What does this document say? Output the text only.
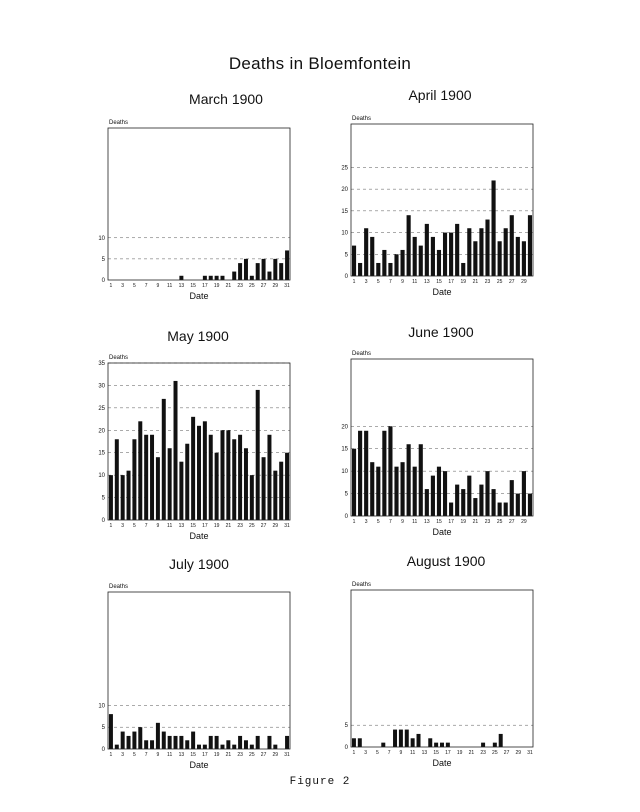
Deaths in Bloemfontein
March 1900
Deaths
0
5
10
1 3 5 7 9 11 13 15 17 19 21 23 25 27 29 31
Date
April 1900
Deaths
0
5
10
15
20
25
1 3 5 7 9 11 13 15 17 19 21 23 25 27 29
Date
May 1900
Deaths
0
5
10
15
20
25
30
35
1 3 5 7 9 11 13 15 17 19 21 23 25 27 29 31
Date
June 1900
Deaths
0
5
10
15
20
1 3 5 7 9 11 13 15 17 19 21 23 25 27 29
Date
July 1900
Deaths
0
5
10
1 3 5 7 9 11 13 15 17 19 21 23 25 27 29 31
Date
August 1900
Deaths
0
5
1 3 5 7 9 11 13 15 17 19 21 23 25 27 29 31
Date
Figure 2
